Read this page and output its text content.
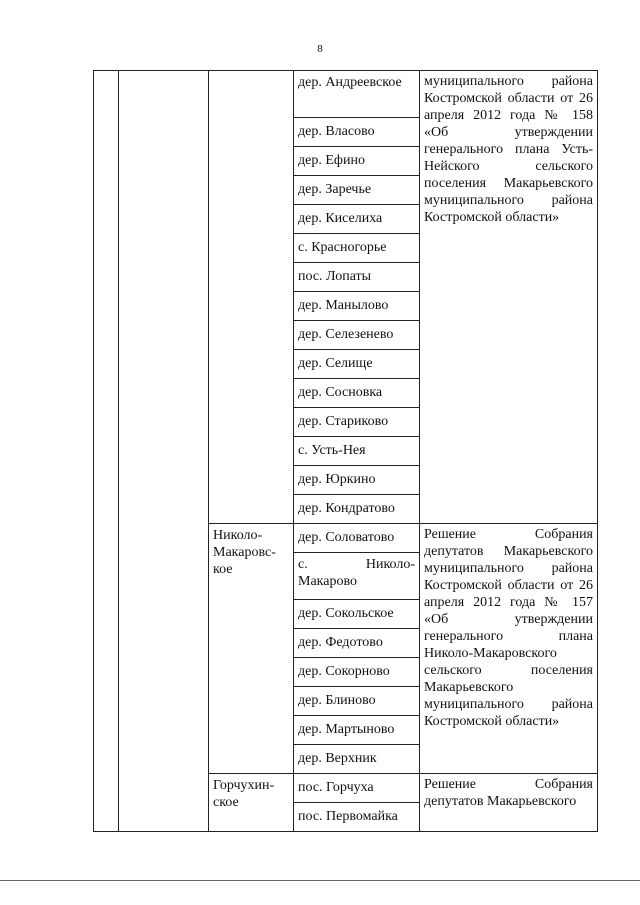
8

			дер. Андреевское	муниципального района Костромской области от 26 апреля 2012 года № 158 «Об утверждении генерального плана Усть-Нейского сельского поселения Макарьевского муниципального района Костромской области»

			дер. Власово	

			дер. Ефино	

			дер. Заречье	

			дер. Киселиха	

			с. Красногорье	

			пос. Лопаты	

			дер. Манылово	

			дер. Селезенево	

			дер. Селище	

			дер. Сосновка	

			дер. Стариково	

			с. Усть-Нея	

			дер. Юркино	

			дер. Кондратово	

		Николо-Макаровс-кое	дер. Соловатово	Решение Собрания депутатов Макарьевского муниципального района Костромской области от 26 апреля 2012 года № 157 «Об утверждении генерального плана Николо-Макаровского сельского поселения Макарьевского муниципального района Костромской области»

			с. Николо-Макарово	

			дер. Сокольское	

			дер. Федотово	

			дер. Сокорново	

			дер. Блиново	

			дер. Мартыново	

			дер. Верхник	

		Горчухин-ское	пос. Горчуха	Решение Собрания депутатов Макарьевского

			пос. Первомайка	
